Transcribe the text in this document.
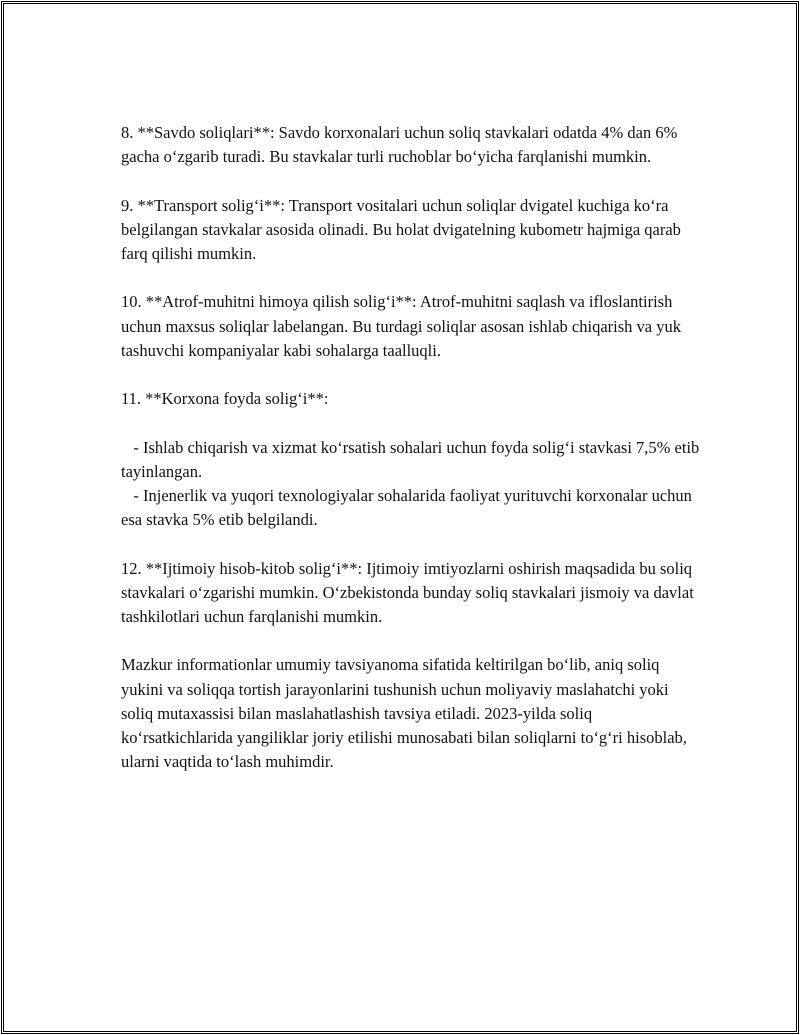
8. **Savdo soliqlari**: Savdo korxonalari uchun soliq stavkalari odatda 4% dan 6% gacha o‘zgarib turadi. Bu stavkalar turli ruchoblar bo‘yicha farqlanishi mumkin.

9. **Transport solig‘i**: Transport vositalari uchun soliqlar dvigatel kuchiga ko‘ra belgilangan stavkalar asosida olinadi. Bu holat dvigatelning kubometr hajmiga qarab farq qilishi mumkin.

10. **Atrof-muhitni himoya qilish solig‘i**: Atrof-muhitni saqlash va ifloslantirish uchun maxsus soliqlar labelangan. Bu turdagi soliqlar asosan ishlab chiqarish va yuk tashuvchi kompaniyalar kabi sohalarga taalluqli.

11. **Korxona foyda solig‘i**:

- Ishlab chiqarish va xizmat ko‘rsatish sohalari uchun foyda solig‘i stavkasi 7,5% etib tayinlangan.

- Injenerlik va yuqori texnologiyalar sohalarida faoliyat yurituvchi korxonalar uchun esa stavka 5% etib belgilandi.

12. **Ijtimoiy hisob-kitob solig‘i**: Ijtimoiy imtiyozlarni oshirish maqsadida bu soliq stavkalari o‘zgarishi mumkin. O‘zbekistonda bunday soliq stavkalari jismoiy va davlat tashkilotlari uchun farqlanishi mumkin.

Mazkur informationlar umumiy tavsiyanoma sifatida keltirilgan bo‘lib, aniq soliq yukini va soliqqa tortish jarayonlarini tushunish uchun moliyaviy maslahatchi yoki soliq mutaxassisi bilan maslahatlashish tavsiya etiladi. 2023-yilda soliq ko‘rsatkichlarida yangiliklar joriy etilishi munosabati bilan soliqlarni to‘g‘ri hisoblab, ularni vaqtida to‘lash muhimdir.
